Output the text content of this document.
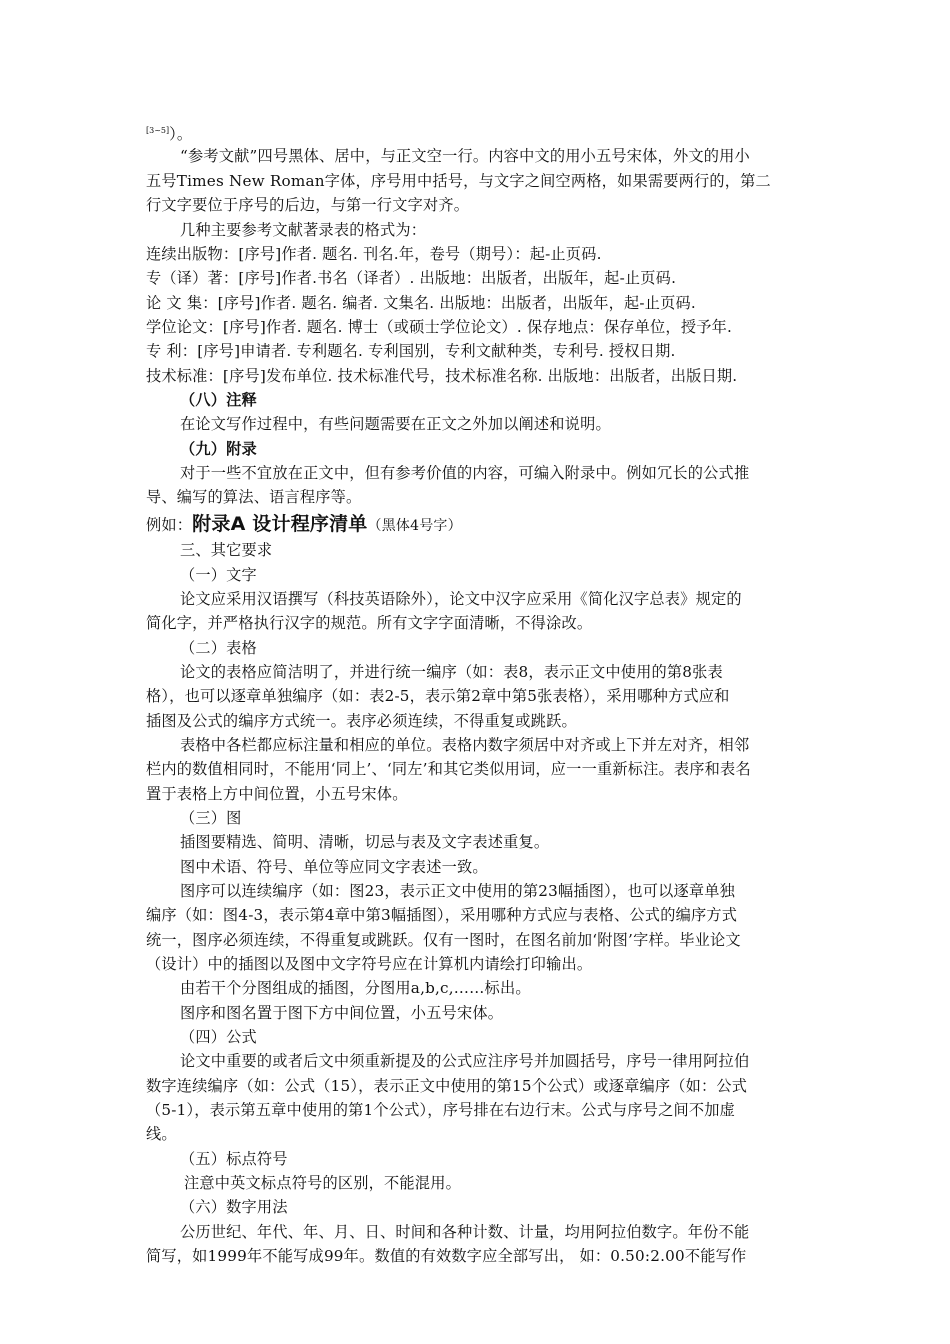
[3~5]）。

“参考文献”四号黑体、居中，与正文空一行。内容中文的用小五号宋体，外文的用小

五号Times New Roman字体，序号用中括号，与文字之间空两格，如果需要两行的，第二

行文字要位于序号的后边，与第一行文字对齐。

几种主要参考文献著录表的格式为：

连续出版物：[序号]作者. 题名. 刊名.年，卷号（期号）：起-止页码.

专（译）著：[序号]作者.书名（译者）. 出版地：出版者，出版年，起-止页码.

论 文 集：[序号]作者. 题名. 编者. 文集名. 出版地：出版者，出版年，起-止页码.

学位论文：[序号]作者. 题名. 博士（或硕士学位论文）. 保存地点：保存单位，授予年.

专 利：[序号]申请者. 专利题名. 专利国别，专利文献种类，专利号. 授权日期.

技术标准：[序号]发布单位. 技术标准代号，技术标准名称. 出版地：出版者，出版日期.

（八）注释

在论文写作过程中，有些问题需要在正文之外加以阐述和说明。

（九）附录

对于一些不宜放在正文中，但有参考价值的内容，可编入附录中。例如冗长的公式推

导、编写的算法、语言程序等。

例如：附录A 设计程序清单（黑体4号字）

三、其它要求

（一）文字

论文应采用汉语撰写（科技英语除外），论文中汉字应采用《简化汉字总表》规定的

简化字，并严格执行汉字的规范。所有文字字面清晰，不得涂改。

（二）表格

论文的表格应简洁明了，并进行统一编序（如：表8，表示正文中使用的第8张表

格），也可以逐章单独编序（如：表2-5，表示第2章中第5张表格），采用哪种方式应和

插图及公式的编序方式统一。表序必须连续，不得重复或跳跃。

表格中各栏都应标注量和相应的单位。表格内数字须居中对齐或上下并左对齐，相邻

栏内的数值相同时，不能用‘同上’、‘同左’和其它类似用词，应一一重新标注。表序和表名

置于表格上方中间位置，小五号宋体。

（三）图

插图要精选、简明、清晰，切忌与表及文字表述重复。

图中术语、符号、单位等应同文字表述一致。

图序可以连续编序（如：图23，表示正文中使用的第23幅插图），也可以逐章单独

编序（如：图4-3，表示第4章中第3幅插图），采用哪种方式应与表格、公式的编序方式

统一，图序必须连续，不得重复或跳跃。仅有一图时，在图名前加‘附图’字样。毕业论文

（设计）中的插图以及图中文字符号应在计算机内请绘打印输出。

由若干个分图组成的插图，分图用a,b,c,……标出。

图序和图名置于图下方中间位置，小五号宋体。

（四）公式

论文中重要的或者后文中须重新提及的公式应注序号并加圆括号，序号一律用阿拉伯

数字连续编序（如：公式（15），表示正文中使用的第15个公式）或逐章编序（如：公式

（5-1），表示第五章中使用的第1个公式），序号排在右边行末。公式与序号之间不加虚

线。

（五）标点符号

注意中英文标点符号的区别，不能混用。

（六）数字用法

公历世纪、年代、年、月、日、时间和各种计数、计量，均用阿拉伯数字。年份不能

简写，如1999年不能写成99年。数值的有效数字应全部写出， 如：0.50:2.00不能写作
